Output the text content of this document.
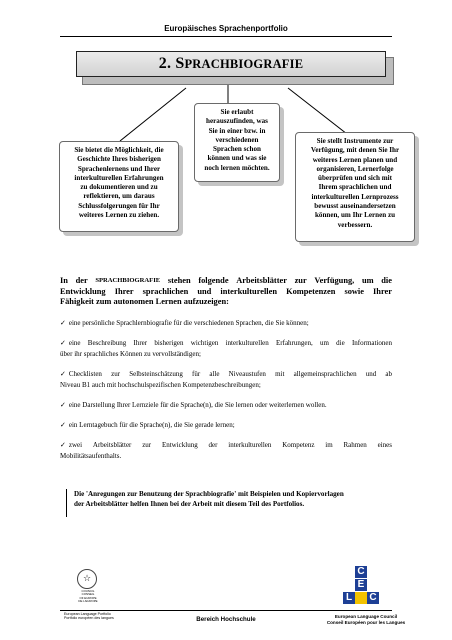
Europäisches Sprachenportfolio
2. S PRACHBIOGRAFIE
Sie bietet die Möglichkeit, die
Geschichte Ihres bisherigen
Sprachenlernens und Ihrer
interkulturellen Erfahrungen
zu dokumentieren und zu
reflektieren, um daraus
Schlussfolgerungen für Ihr
weiteres Lernen zu ziehen.
Sie erlaubt
herauszufinden, was
Sie in einer bzw. in
verschiedenen
Sprachen schon
können und was sie
noch lernen möchten.
Sie stellt Instrumente zur
Verfügung, mit denen Sie Ihr
weiteres Lernen planen und
organisieren, Lernerfolge
überprüfen und sich mit
Ihrem sprachlichen und
interkulturellen Lernprozess
bewusst auseinandersetzen
können, um Ihr Lernen zu
verbessern.
In der SPRACHBIOGRAFIE stehen folgende Arbeitsblätter zur Verfügung, um die
Entwicklung Ihrer sprachlichen und interkulturellen Kompetenzen sowie Ihrer
Fähigkeit zum autonomen Lernen aufzuzeigen:
✓ eine persönliche Sprachlernbiografie für die verschiedenen Sprachen, die Sie können;
✓ eine Beschreibung Ihrer bisherigen wichtigen interkulturellen Erfahrungen, um die Informationen
über ihr sprachliches Können zu vervollständigen;
✓ Checklisten zur Selbsteinschätzung für alle Niveaustufen mit allgemeinsprachlichen und ab
Niveau B1 auch mit hochschulspezifischen Kompetenzbeschreibungen;
✓ eine Darstellung Ihrer Lernziele für die Sprache(n), die Sie lernen oder weiterlernen wollen.
✓ ein Lerntagebuch für die Sprache(n), die Sie gerade lernen;
✓ zwei Arbeitsblätter zur Entwicklung der interkulturellen Kompetenz im Rahmen eines
Mobilitätsaufenthalts.
Die 'Anregungen zur Benutzung der Sprachbiografie' mit Beispielen und Kopiervorlagen
der Arbeitsblätter helfen Ihnen bei der Arbeit mit diesem Teil des Portfolios.
☆
COUNCIL
CONSEIL
OF EUROPE
DE L'EUROPE
European Language Portfolio
Portfolio européen des langues	Bereich Hochschule
C
E
L C
European Language Council
Conseil Européen pour les Langues
